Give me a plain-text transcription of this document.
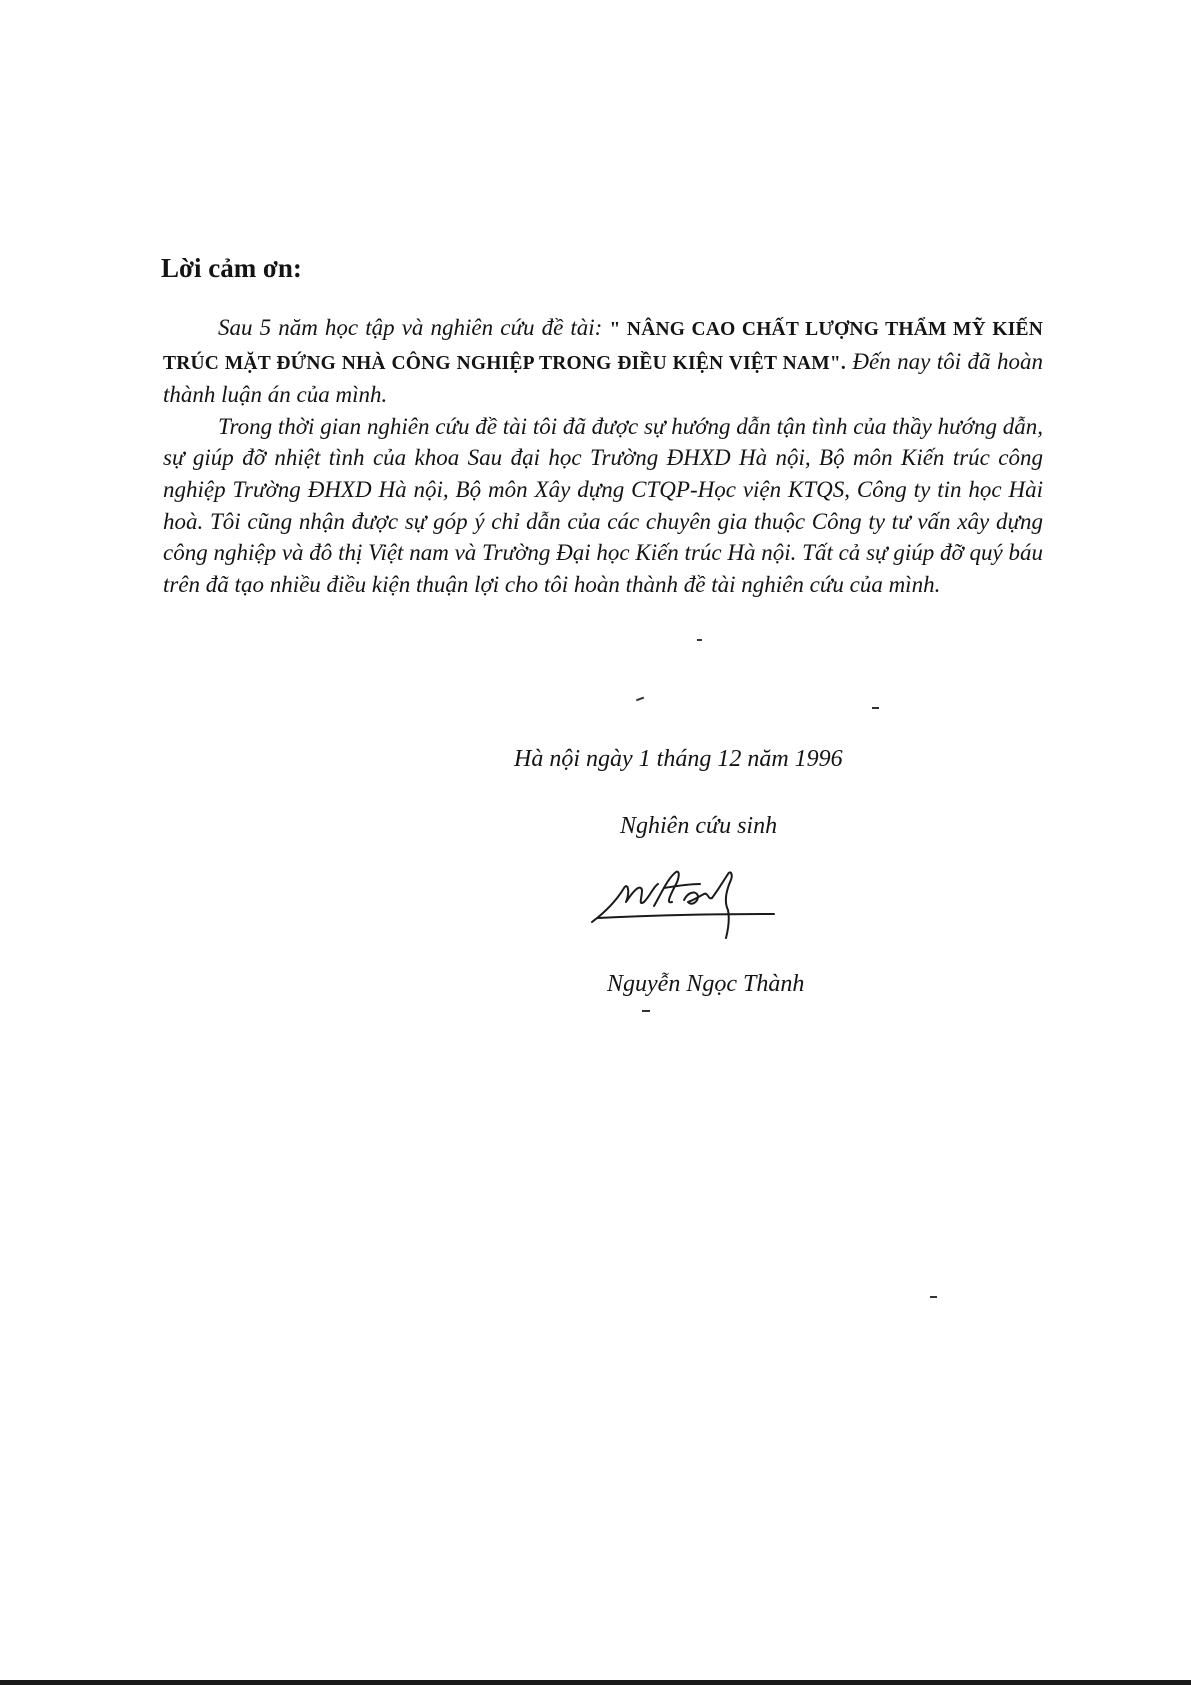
Lời cảm ơn:

Sau 5 năm học tập và nghiên cứu đề tài: " NÂNG CAO CHẤT LƯỢNG THẨM MỸ KIẾN TRÚC MẶT ĐỨNG NHÀ CÔNG NGHIỆP TRONG ĐIỀU KIỆN VIỆT NAM". Đến nay tôi đã hoàn thành luận án của mình.

Trong thời gian nghiên cứu đề tài tôi đã được sự hướng dẫn tận tình của thầy hướng dẫn, sự giúp đỡ nhiệt tình của khoa Sau đại học Trường ĐHXD Hà nội, Bộ môn Kiến trúc công nghiệp Trường ĐHXD Hà nội, Bộ môn Xây dựng CTQP-Học viện KTQS, Công ty tin học Hài hoà. Tôi cũng nhận được sự góp ý chỉ dẫn của các chuyên gia thuộc Công ty tư vấn xây dựng công nghiệp và đô thị Việt nam và Trường Đại học Kiến trúc Hà nội. Tất cả sự giúp đỡ quý báu trên đã tạo nhiều điều kiện thuận lợi cho tôi hoàn thành đề tài nghiên cứu của mình.

Hà nội ngày 1 tháng 12 năm 1996
Nghiên cứu sinh
Nguyễn Ngọc Thành
